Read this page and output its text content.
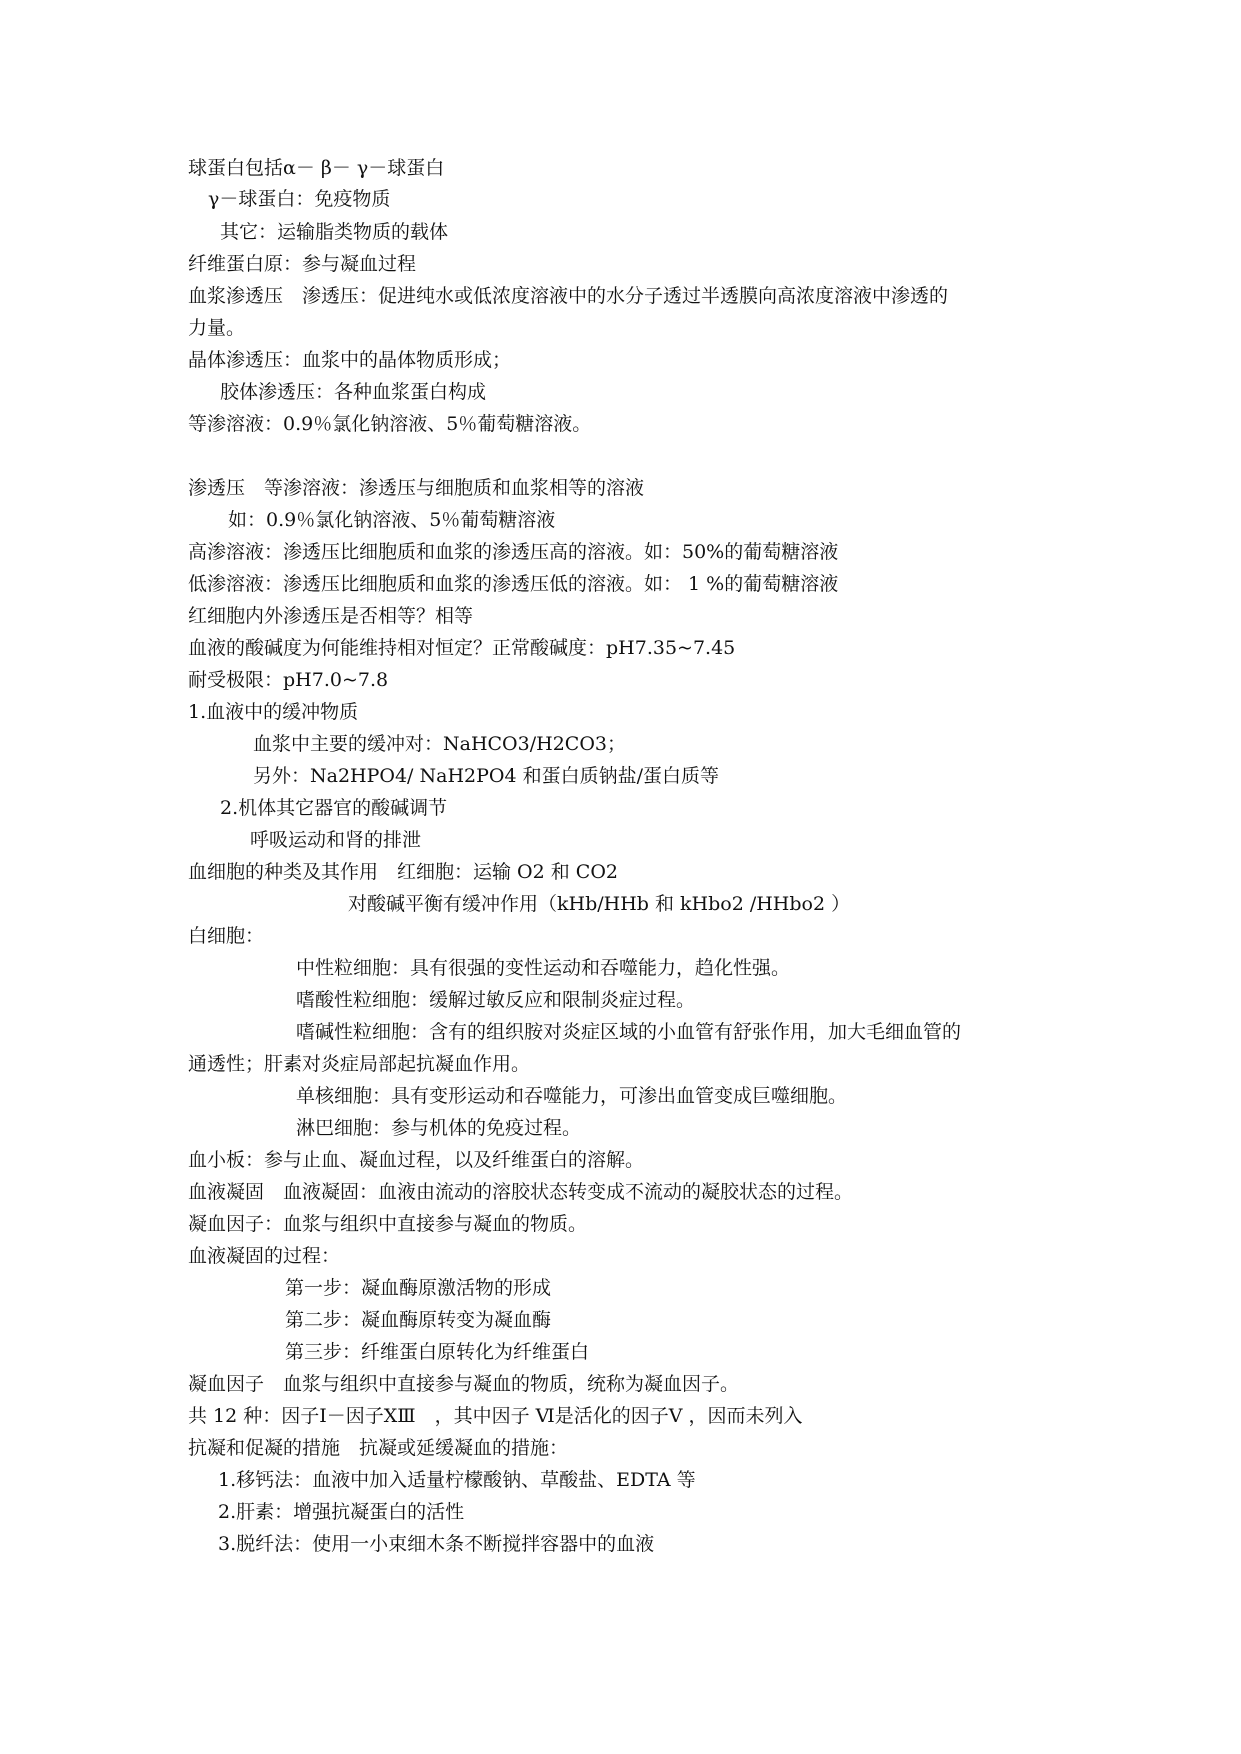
球蛋白包括α－ β－ γ－球蛋白
γ－球蛋白：免疫物质
其它：运输脂类物质的载体
纤维蛋白原：参与凝血过程
血浆渗透压　渗透压：促进纯水或低浓度溶液中的水分子透过半透膜向高浓度溶液中渗透的
力量。
晶体渗透压：血浆中的晶体物质形成；
胶体渗透压：各种血浆蛋白构成
等渗溶液：0.9％氯化钠溶液、5％葡萄糖溶液。
渗透压　等渗溶液：渗透压与细胞质和血浆相等的溶液
如：0.9％氯化钠溶液、5％葡萄糖溶液
高渗溶液：渗透压比细胞质和血浆的渗透压高的溶液。如：50%的葡萄糖溶液
低渗溶液：渗透压比细胞质和血浆的渗透压低的溶液。如： 1 %的葡萄糖溶液
红细胞内外渗透压是否相等？相等
血液的酸碱度为何能维持相对恒定？正常酸碱度：pH7.35~7.45
耐受极限：pH7.0~7.8
1.血液中的缓冲物质
血浆中主要的缓冲对：NaHCO3/H2CO3；
另外：Na2HPO4/ NaH2PO4 和蛋白质钠盐/蛋白质等
2.机体其它器官的酸碱调节
呼吸运动和肾的排泄
血细胞的种类及其作用　红细胞：运输 O2 和 CO2
对酸碱平衡有缓冲作用（kHb/HHb 和 kHbo2 /HHbo2 ）
白细胞：
中性粒细胞：具有很强的变性运动和吞噬能力，趋化性强。
嗜酸性粒细胞：缓解过敏反应和限制炎症过程。
嗜碱性粒细胞：含有的组织胺对炎症区域的小血管有舒张作用，加大毛细血管的
通透性；肝素对炎症局部起抗凝血作用。
单核细胞：具有变形运动和吞噬能力，可渗出血管变成巨噬细胞。
淋巴细胞：参与机体的免疫过程。
血小板：参与止血、凝血过程，以及纤维蛋白的溶解。
血液凝固　血液凝固：血液由流动的溶胶状态转变成不流动的凝胶状态的过程。
凝血因子：血浆与组织中直接参与凝血的物质。
血液凝固的过程：
第一步：凝血酶原激活物的形成
第二步：凝血酶原转变为凝血酶
第三步：纤维蛋白原转化为纤维蛋白
凝血因子　血浆与组织中直接参与凝血的物质，统称为凝血因子。
共 12 种：因子Ⅰ－因子ⅩⅢ　，其中因子 Ⅵ是活化的因子Ⅴ ，因而未列入
抗凝和促凝的措施　抗凝或延缓凝血的措施：
1.移钙法：血液中加入适量柠檬酸钠、草酸盐、EDTA 等
2.肝素：增强抗凝蛋白的活性
3.脱纤法：使用一小束细木条不断搅拌容器中的血液
